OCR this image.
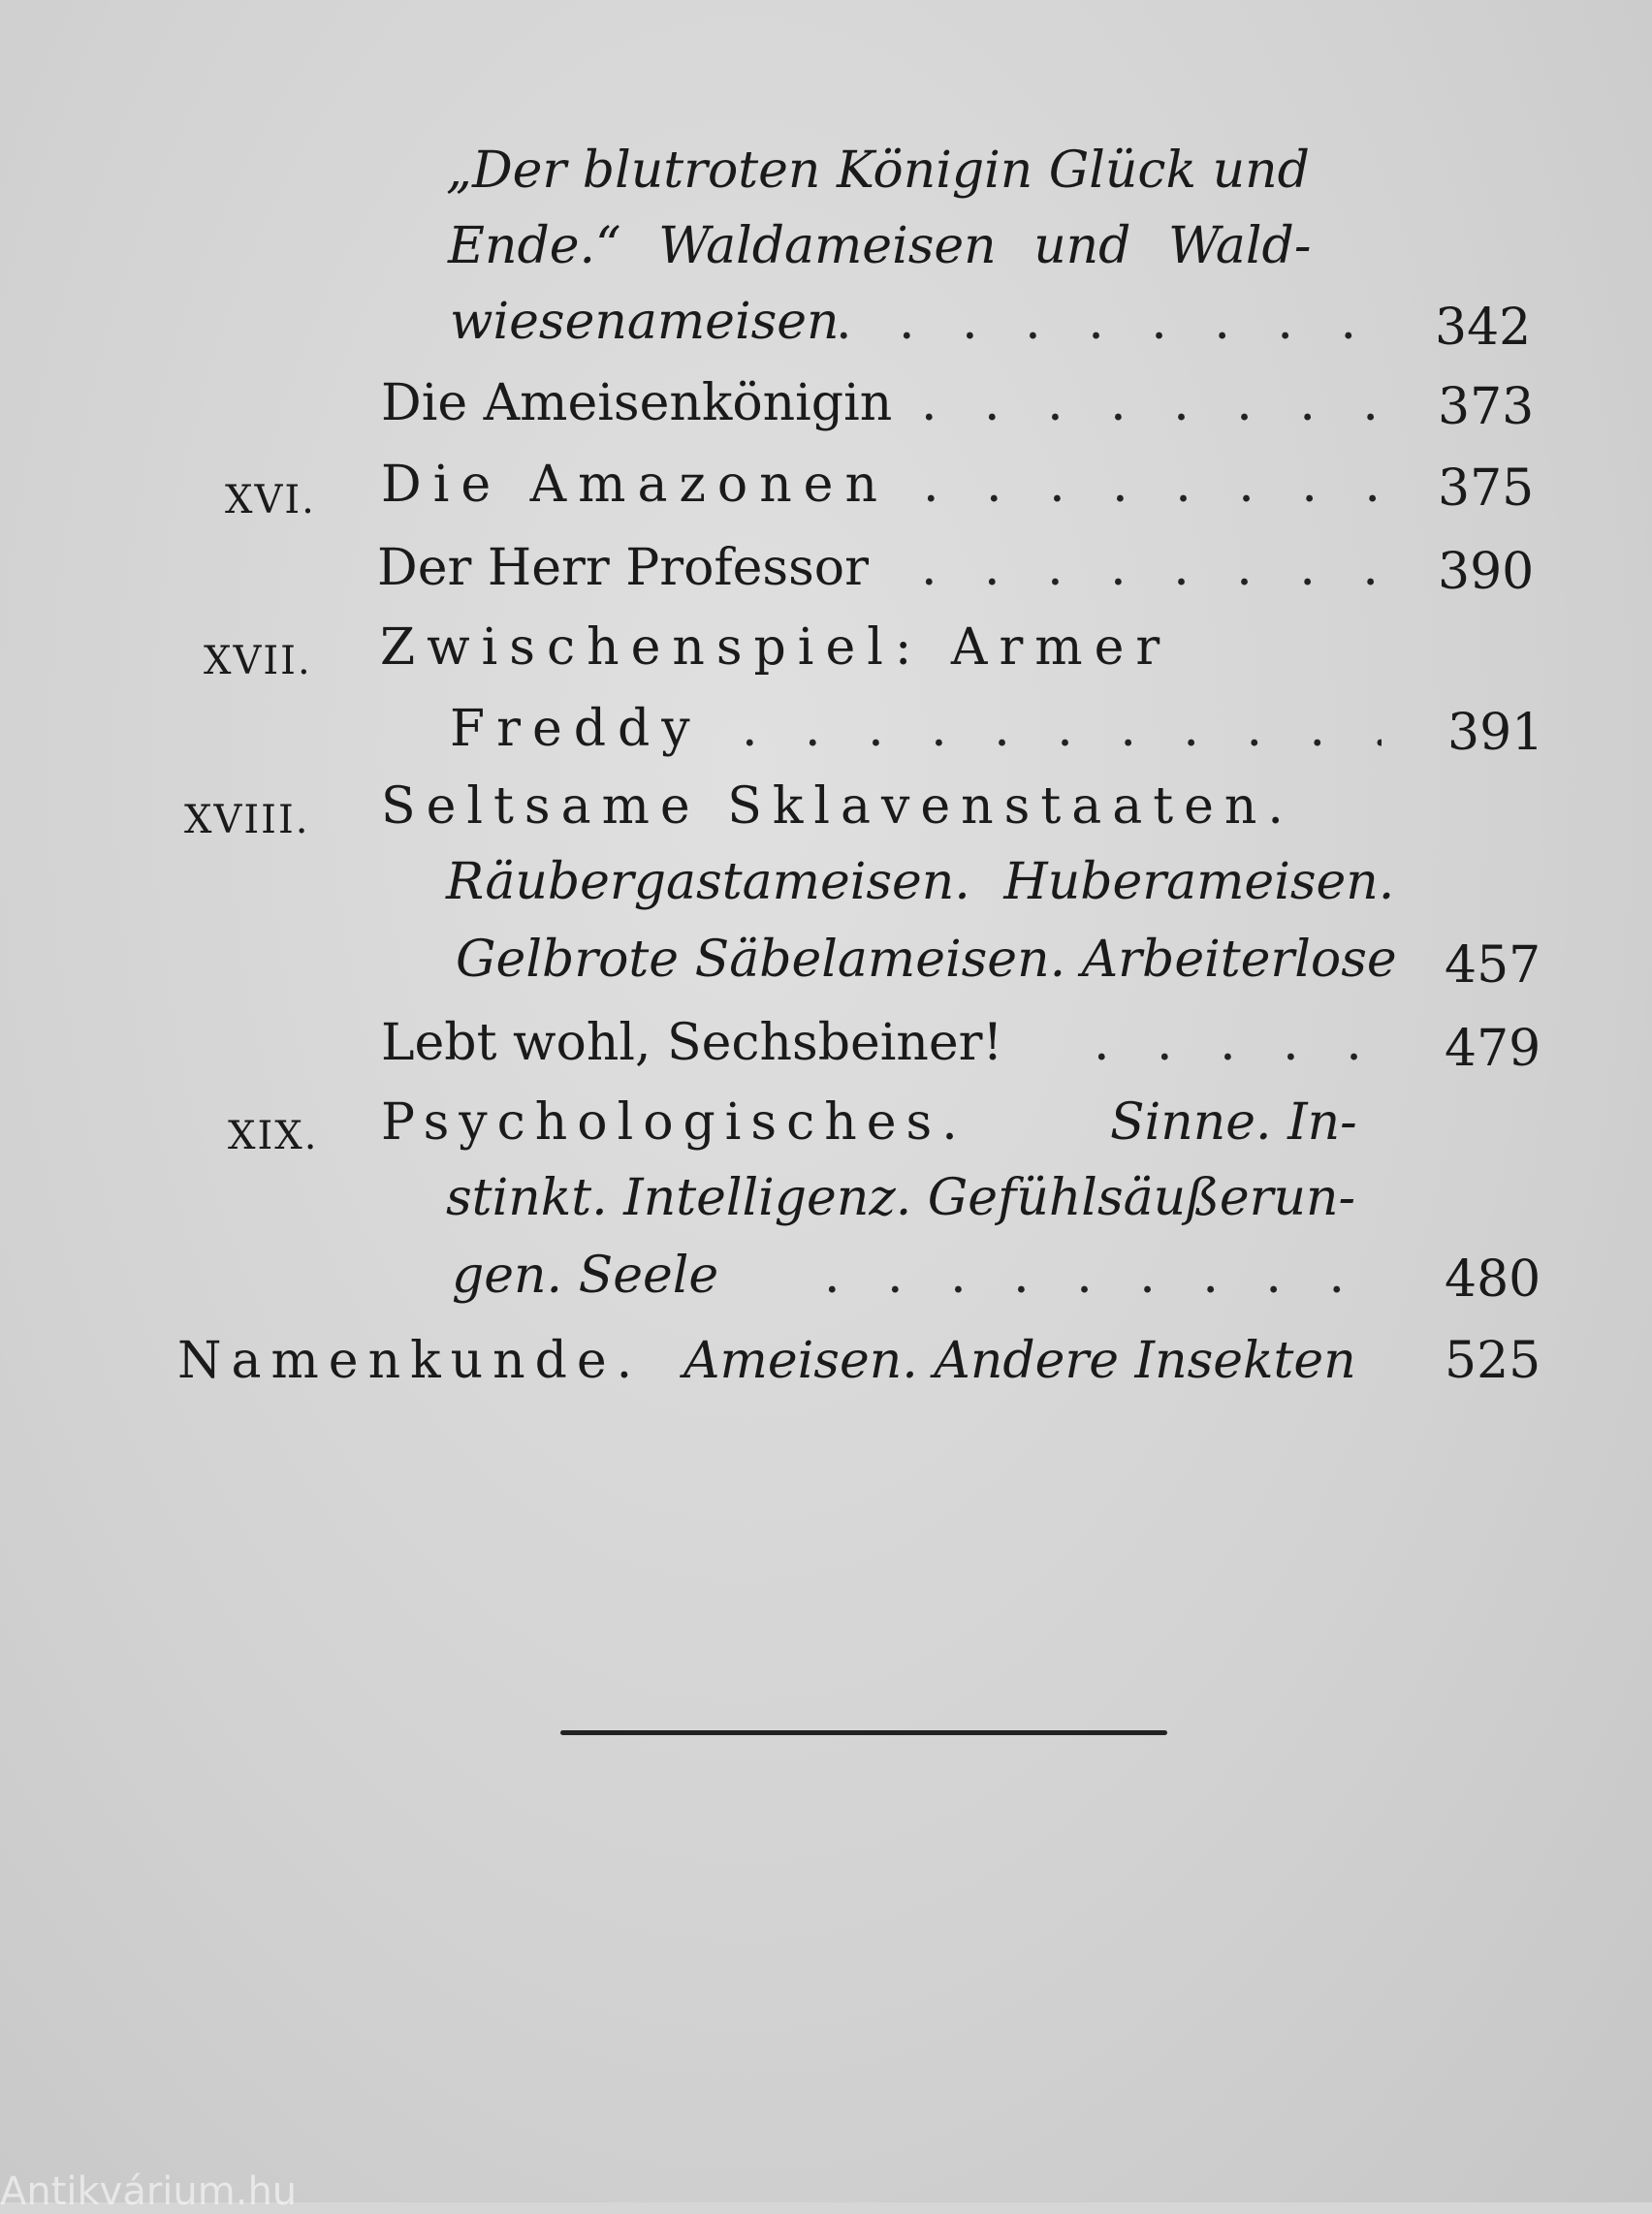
„Der blutroten Königin Glück und
Ende.“ Waldameisen und Wald-
wiesenameisen . . .	342
Die Ameisenkönigin . . .	373
XVI. Die Amazonen . . .	375
Der Herr Professor . . .	390
XVII. Zwischenspiel: Armer
Freddy . . .	391
XVIII. Seltsame Sklavenstaaten.
Räubergastameisen. Huberameisen.
Gelbrote Säbelameisen. Arbeiterlose 457
Lebt wohl, Sechsbeiner! . . .	479
XIX. Psychologisches.	Sinne. In-
stinkt. Intelligenz. Gefühlsäußerun-
gen. Seele . . .	480
Namenkunde. Ameisen. Andere Insekten 525
Antikvárium.hu
